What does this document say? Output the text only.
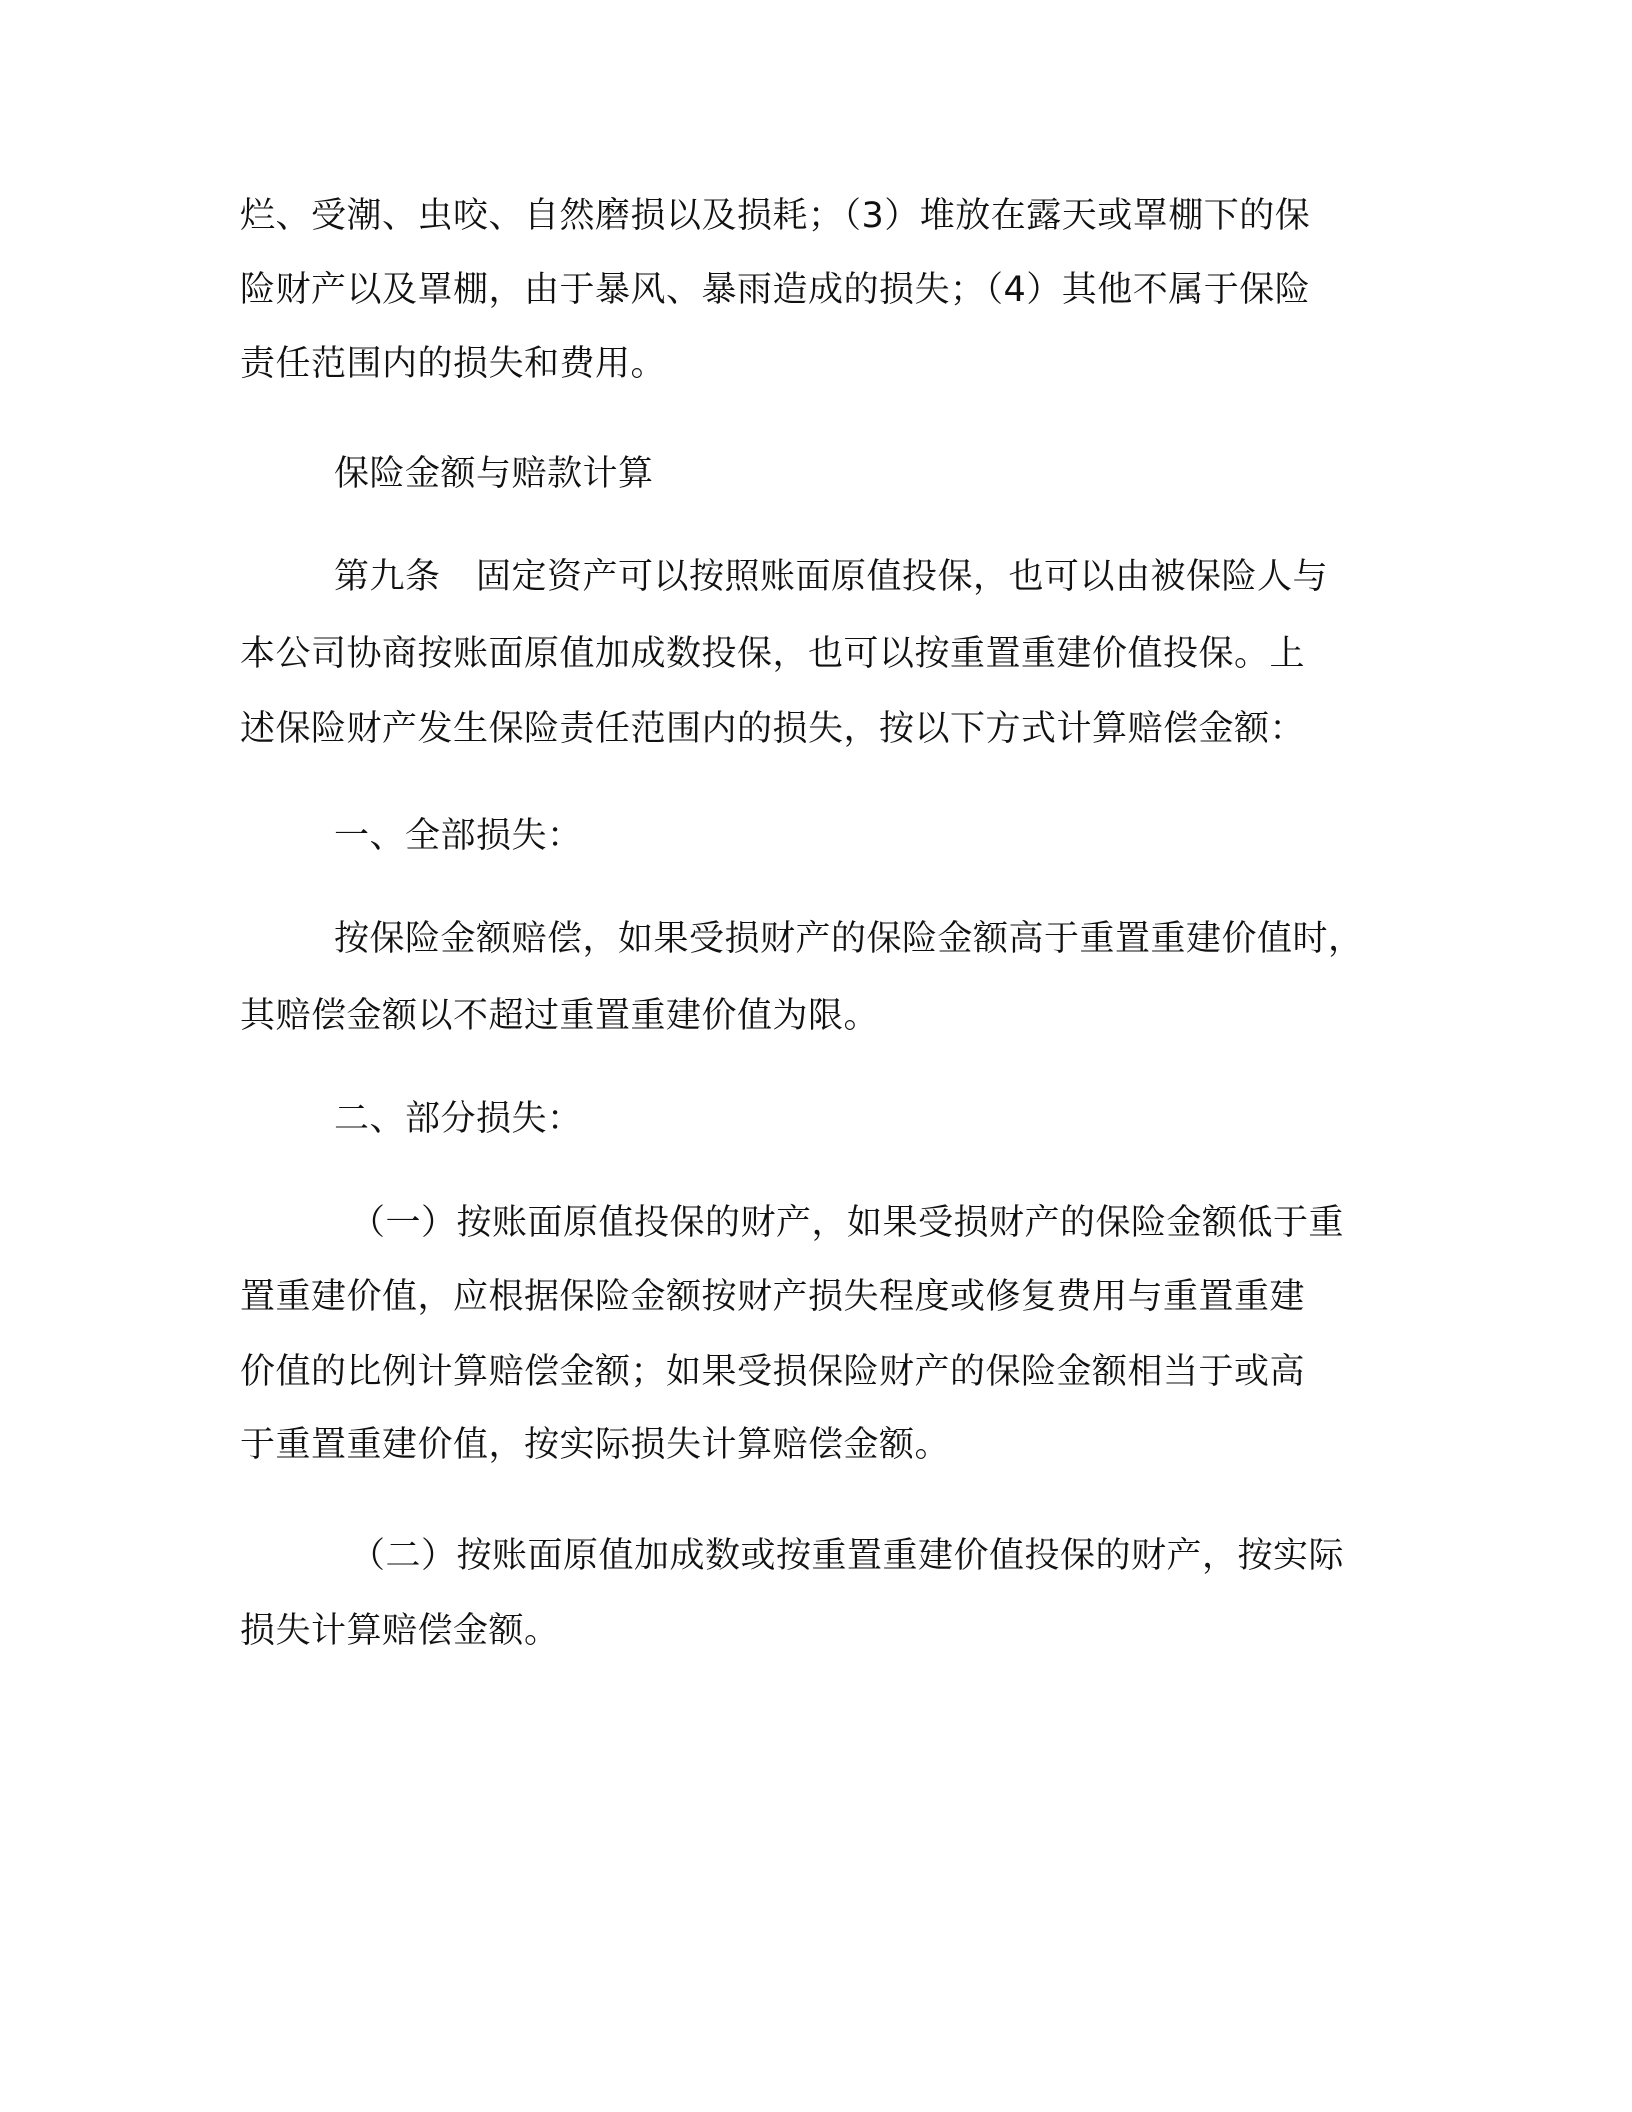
烂、受潮、虫咬、自然磨损以及损耗；（3）堆放在露天或罩棚下的保
险财产以及罩棚，由于暴风、暴雨造成的损失；（4）其他不属于保险
责任范围内的损失和费用。
保险金额与赔款计算
第九条　固定资产可以按照账面原值投保，也可以由被保险人与
本公司协商按账面原值加成数投保，也可以按重置重建价值投保。上
述保险财产发生保险责任范围内的损失，按以下方式计算赔偿金额：
一、全部损失：
按保险金额赔偿，如果受损财产的保险金额高于重置重建价值时，
其赔偿金额以不超过重置重建价值为限。
二、部分损失：
（一）按账面原值投保的财产，如果受损财产的保险金额低于重
置重建价值，应根据保险金额按财产损失程度或修复费用与重置重建
价值的比例计算赔偿金额；如果受损保险财产的保险金额相当于或高
于重置重建价值，按实际损失计算赔偿金额。
（二）按账面原值加成数或按重置重建价值投保的财产，按实际
损失计算赔偿金额。
